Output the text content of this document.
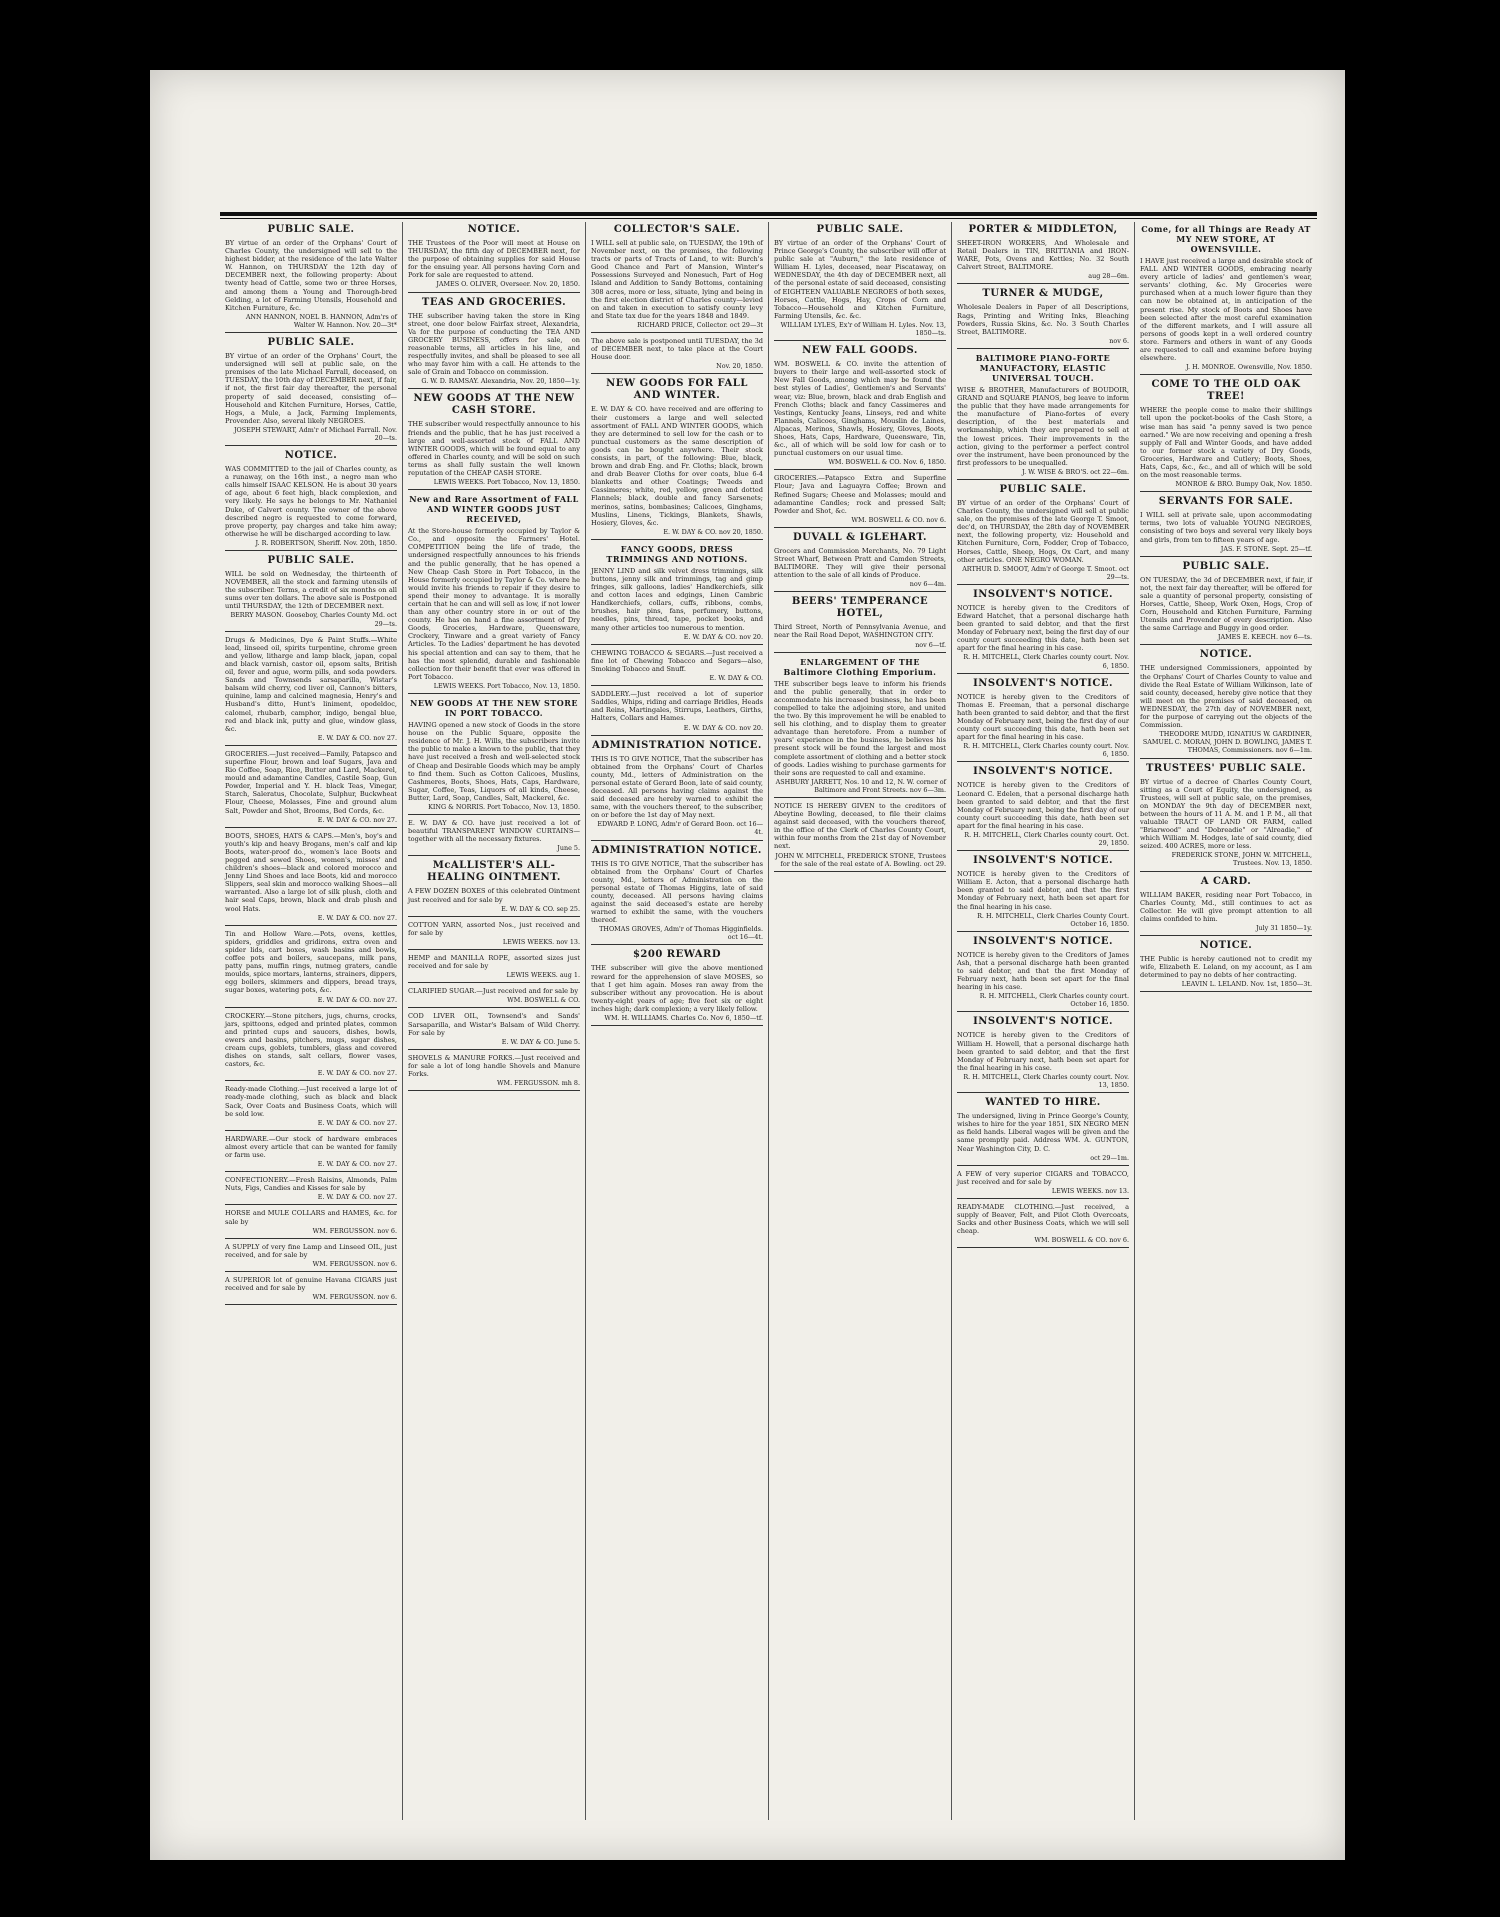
PUBLIC SALE.

BY virtue of an order of the Orphans' Court of Charles County, the undersigned will sell to the highest bidder, at the residence of the late Walter W. Hannon, on THURSDAY the 12th day of DECEMBER next, the following property: About twenty head of Cattle, some two or three Horses, and among them a Young and Thorough-bred Gelding, a lot of Farming Utensils, Household and Kitchen Furniture, &c.

ANN HANNON, NOEL B. HANNON, Adm'rs of Walter W. Hannon. Nov. 20—3t*
PUBLIC SALE.

BY virtue of an order of the Orphans' Court, the undersigned will sell at public sale, on the premises of the late Michael Farrall, deceased, on TUESDAY, the 10th day of DECEMBER next, if fair, if not, the first fair day thereafter, the personal property of said deceased, consisting of—Household and Kitchen Furniture, Horses, Cattle, Hogs, a Mule, a Jack, Farming Implements, Provender. Also, several likely NEGROES.

JOSEPH STEWART, Adm'r of Michael Farrall. Nov. 20—ts.
NOTICE.

WAS COMMITTED to the jail of Charles county, as a runaway, on the 16th inst., a negro man who calls himself ISAAC KELSON. He is about 30 years of age, about 6 feet high, black complexion, and very likely. He says he belongs to Mr. Nathaniel Duke, of Calvert county. The owner of the above described negro is requested to come forward, prove property, pay charges and take him away; otherwise he will be discharged according to law.

J. R. ROBERTSON, Sheriff. Nov. 20th, 1850.
PUBLIC SALE.

WILL be sold on Wednesday, the thirteenth of NOVEMBER, all the stock and farming utensils of the subscriber. Terms, a credit of six months on all sums over ten dollars. The above sale is Postponed until THURSDAY, the 12th of DECEMBER next.

BERRY MASON. Gooseboy, Charles County Md. oct 29—ts.

Drugs & Medicines, Dye & Paint Stuffs.—White lead, linseed oil, spirits turpentine, chrome green and yellow, litharge and lamp black, japan, copal and black varnish, castor oil, epsom salts, British oil, fever and ague, worm pills, and soda powders. Sands and Townsends sarsaparilla, Wistar's balsam wild cherry, cod liver oil, Cannon's bitters, quinine, lamp and calcined magnesia, Henry's and Husband's ditto, Hunt's liniment, opodeldoc, calomel, rhubarb, camphor, indigo, bengal blue, red and black ink, putty and glue, window glass, &c.

E. W. DAY & CO. nov 27.

GROCERIES.—Just received—Family, Patapsco and superfine Flour, brown and loaf Sugars, Java and Rio Coffee, Soap, Rice, Butter and Lard, Mackerel, mould and adamantine Candles, Castile Soap, Gun Powder, Imperial and Y. H. black Teas, Vinegar, Starch, Saleratus, Chocolate, Sulphur, Buckwheat Flour, Cheese, Molasses, Fine and ground alum Salt, Powder and Shot, Brooms, Bed Cords, &c.

E. W. DAY & CO. nov 27.

BOOTS, SHOES, HATS & CAPS.—Men's, boy's and youth's kip and heavy Brogans, men's calf and kip Boots, water-proof do., women's lace Boots and pegged and sewed Shoes, women's, misses' and children's shoes—black and colored morocco and Jenny Lind Shoes and lace Boots, kid and morocco Slippers, seal skin and morocco walking Shoes—all warranted. Also a large lot of silk plush, cloth and hair seal Caps, brown, black and drab plush and wool Hats.

E. W. DAY & CO. nov 27.

Tin and Hollow Ware.—Pots, ovens, kettles, spiders, griddles and gridirons, extra oven and spider lids, cart boxes, wash basins and bowls, coffee pots and boilers, saucepans, milk pans, patty pans, muffin rings, nutmeg graters, candle moulds, spice mortars, lanterns, strainers, dippers, egg boilers, skimmers and dippers, bread trays, sugar boxes, watering pots, &c.

E. W. DAY & CO. nov 27.

CROCKERY.—Stone pitchers, jugs, churns, crocks, jars, spittoons, edged and printed plates, common and printed cups and saucers, dishes, bowls, ewers and basins, pitchers, mugs, sugar dishes, cream cups, goblets, tumblers, glass and covered dishes on stands, salt cellars, flower vases, castors, &c.

E. W. DAY & CO. nov 27.

Ready-made Clothing.—Just received a large lot of ready-made clothing, such as black and black Sack, Over Coats and Business Coats, which will be sold low.

E. W. DAY & CO. nov 27.

HARDWARE.—Our stock of hardware embraces almost every article that can be wanted for family or farm use.

E. W. DAY & CO. nov 27.

CONFECTIONERY.—Fresh Raisins, Almonds, Palm Nuts, Figs, Candies and Kisses for sale by

E. W. DAY & CO. nov 27.

HORSE and MULE COLLARS and HAMES, &c. for sale by

WM. FERGUSSON. nov 6.

A SUPPLY of very fine Lamp and Linseed OIL, just received, and for sale by

WM. FERGUSSON. nov 6.

A SUPERIOR lot of genuine Havana CIGARS just received and for sale by

WM. FERGUSSON. nov 6.
NOTICE.

THE Trustees of the Poor will meet at House on THURSDAY, the fifth day of DECEMBER next, for the purpose of obtaining supplies for said House for the ensuing year. All persons having Corn and Pork for sale are requested to attend.

JAMES O. OLIVER, Overseer. Nov. 20, 1850.
TEAS AND GROCERIES.

THE subscriber having taken the store in King street, one door below Fairfax street, Alexandria, Va for the purpose of conducting the TEA AND GROCERY BUSINESS, offers for sale, on reasonable terms, all articles in his line, and respectfully invites, and shall be pleased to see all who may favor him with a call. He attends to the sale of Grain and Tobacco on commission.

G. W. D. RAMSAY. Alexandria, Nov. 20, 1850—1y.
NEW GOODS AT THE NEW CASH STORE.

THE subscriber would respectfully announce to his friends and the public, that he has just received a large and well-assorted stock of FALL AND WINTER GOODS, which will be found equal to any offered in Charles county, and will be sold on such terms as shall fully sustain the well known reputation of the CHEAP CASH STORE.

LEWIS WEEKS. Port Tobacco, Nov. 13, 1850.
New and Rare Assortment of FALL AND WINTER GOODS JUST RECEIVED,

At the Store-house formerly occupied by Taylor & Co., and opposite the Farmers' Hotel. COMPETITION being the life of trade, the undersigned respectfully announces to his friends and the public generally, that he has opened a New Cheap Cash Store in Port Tobacco, in the House formerly occupied by Taylor & Co. where he would invite his friends to repair if they desire to spend their money to advantage. It is morally certain that he can and will sell as low, if not lower than any other country store in or out of the county. He has on hand a fine assortment of Dry Goods, Groceries, Hardware, Queensware, Crockery, Tinware and a great variety of Fancy Articles. To the Ladies' department he has devoted his special attention and can say to them, that he has the most splendid, durable and fashionable collection for their benefit that ever was offered in Port Tobacco.

LEWIS WEEKS. Port Tobacco, Nov. 13, 1850.
NEW GOODS AT THE NEW STORE IN PORT TOBACCO.

HAVING opened a new stock of Goods in the store house on the Public Square, opposite the residence of Mr. J. H. Wills, the subscribers invite the public to make a known to the public, that they have just received a fresh and well-selected stock of Cheap and Desirable Goods which may be amply to find them. Such as Cotton Calicoes, Muslins, Cashmeres, Boots, Shoes, Hats, Caps, Hardware, Sugar, Coffee, Teas, Liquors of all kinds, Cheese, Butter, Lard, Soap, Candles, Salt, Mackerel, &c.

KING & NORRIS. Port Tobacco, Nov. 13, 1850.

E. W. DAY & CO. have just received a lot of beautiful TRANSPARENT WINDOW CURTAINS—together with all the necessary fixtures.

June 5.
McALLISTER'S ALL-HEALING OINTMENT.

A FEW DOZEN BOXES of this celebrated Ointment just received and for sale by

E. W. DAY & CO. sep 25.

COTTON YARN, assorted Nos., just received and for sale by

LEWIS WEEKS. nov 13.

HEMP and MANILLA ROPE, assorted sizes just received and for sale by

LEWIS WEEKS. aug 1.

CLARIFIED SUGAR.—Just received and for sale by

WM. BOSWELL & CO.

COD LIVER OIL, Townsend's and Sands' Sarsaparilla, and Wistar's Balsam of Wild Cherry. For sale by

E. W. DAY & CO. June 5.

SHOVELS & MANURE FORKS.—Just received and for sale a lot of long handle Shovels and Manure Forks.

WM. FERGUSSON. mh 8.
COLLECTOR'S SALE.

I WILL sell at public sale, on TUESDAY, the 19th of November next, on the premises, the following tracts or parts of Tracts of Land, to wit: Burch's Good Chance and Part of Mansion, Winter's Possessions Surveyed and Nonesuch, Part of Hog Island and Addition to Sandy Bottoms, containing 308 acres, more or less, situate, lying and being in the first election district of Charles county—levied on and taken in execution to satisfy county levy and State tax due for the years 1848 and 1849.

RICHARD PRICE, Collector. oct 29—3t

The above sale is postponed until TUESDAY, the 3d of DECEMBER next, to take place at the Court House door.

Nov. 20, 1850.
NEW GOODS FOR FALL AND WINTER.

E. W. DAY & CO. have received and are offering to their customers a large and well selected assortment of FALL AND WINTER GOODS, which they are determined to sell low for the cash or to punctual customers as the same description of goods can be bought anywhere. Their stock consists, in part, of the following: Blue, black, brown and drab Eng. and Fr. Cloths; black, brown and drab Beaver Cloths for over coats, blue 6-4 blanketts and other Coatings; Tweeds and Cassimeres; white, red, yellow, green and dotted Flannels; black, double and fancy Sarsenets; merinos, satins, bombasines; Calicoes, Ginghams, Muslins, Linens, Tickings, Blankets, Shawls, Hosiery, Gloves, &c.

E. W. DAY & CO. nov 20, 1850.
FANCY GOODS, DRESS TRIMMINGS AND NOTIONS.

JENNY LIND and silk velvet dress trimmings, silk buttons, jenny silk and trimmings, tag and gimp fringes, silk galloons, ladies' Handkerchiefs, silk and cotton laces and edgings, Linen Cambric Handkerchiefs, collars, cuffs, ribbons, combs, brushes, hair pins, fans, perfumery, buttons, needles, pins, thread, tape, pocket books, and many other articles too numerous to mention.

E. W. DAY & CO. nov 20.

CHEWING TOBACCO & SEGARS.—Just received a fine lot of Chewing Tobacco and Segars—also, Smoking Tobacco and Snuff.

E. W. DAY & CO.

SADDLERY.—Just received a lot of superior Saddles, Whips, riding and carriage Bridles, Heads and Reins, Martingales, Stirrups, Leathers, Girths, Halters, Collars and Hames.

E. W. DAY & CO. nov 20.
ADMINISTRATION NOTICE.

THIS IS TO GIVE NOTICE, That the subscriber has obtained from the Orphans' Court of Charles county, Md., letters of Administration on the personal estate of Gerard Boon, late of said county, deceased. All persons having claims against the said deceased are hereby warned to exhibit the same, with the vouchers thereof, to the subscriber, on or before the 1st day of May next.

EDWARD P. LONG, Adm'r of Gerard Boon. oct 16—4t.
ADMINISTRATION NOTICE.

THIS IS TO GIVE NOTICE, That the subscriber has obtained from the Orphans' Court of Charles county, Md., letters of Administration on the personal estate of Thomas Higgins, late of said county, deceased. All persons having claims against the said deceased's estate are hereby warned to exhibit the same, with the vouchers thereof.

THOMAS GROVES, Adm'r of Thomas Higginfields. oct 16—4t.
$200 REWARD

THE subscriber will give the above mentioned reward for the apprehension of slave MOSES, so that I get him again. Moses ran away from the subscriber without any provocation. He is about twenty-eight years of age; five feet six or eight inches high; dark complexion; a very likely fellow.

WM. H. WILLIAMS. Charles Co. Nov 6, 1850—tf.
PUBLIC SALE.

BY virtue of an order of the Orphans' Court of Prince George's County, the subscriber will offer at public sale at "Auburn," the late residence of William H. Lyles, deceased, near Piscataway, on WEDNESDAY, the 4th day of DECEMBER next, all of the personal estate of said deceased, consisting of EIGHTEEN VALUABLE NEGROES of both sexes, Horses, Cattle, Hogs, Hay, Crops of Corn and Tobacco—Household and Kitchen Furniture, Farming Utensils, &c. &c.

WILLIAM LYLES, Ex'r of William H. Lyles. Nov. 13, 1850—ts.
NEW FALL GOODS.

WM. BOSWELL & CO. invite the attention of buyers to their large and well-assorted stock of New Fall Goods, among which may be found the best styles of Ladies', Gentlemen's and Servants' wear, viz: Blue, brown, black and drab English and French Cloths; black and fancy Cassimeres and Vestings, Kentucky Jeans, Linseys, red and white Flannels, Calicoes, Ginghams, Mouslin de Laines, Alpacas, Merinos, Shawls, Hosiery, Gloves, Boots, Shoes, Hats, Caps, Hardware, Queensware, Tin, &c., all of which will be sold low for cash or to punctual customers on our usual time.

WM. BOSWELL & CO. Nov. 6, 1850.

GROCERIES.—Patapsco Extra and Superfine Flour; Java and Laguayra Coffee; Brown and Refined Sugars; Cheese and Molasses; mould and adamantine Candles; rock and pressed Salt; Powder and Shot, &c.

WM. BOSWELL & CO. nov 6.
DUVALL & IGLEHART.

Grocers and Commission Merchants, No. 79 Light Street Wharf, Between Pratt and Camden Streets, BALTIMORE. They will give their personal attention to the sale of all kinds of Produce.

nov 6—4m.
BEERS' TEMPERANCE HOTEL,

Third Street, North of Pennsylvania Avenue, and near the Rail Road Depot, WASHINGTON CITY.

nov 6—tf.
ENLARGEMENT OF THE Baltimore Clothing Emporium.

THE subscriber begs leave to inform his friends and the public generally, that in order to accommodate his increased business, he has been compelled to take the adjoining store, and united the two. By this improvement he will be enabled to sell his clothing, and to display them to greater advantage than heretofore. From a number of years' experience in the business, he believes his present stock will be found the largest and most complete assortment of clothing and a better stock of goods. Ladies wishing to purchase garments for their sons are requested to call and examine.

ASHBURY JARRETT, Nos. 10 and 12, N. W. corner of Baltimore and Front Streets. nov 6—3m.

NOTICE IS HEREBY GIVEN to the creditors of Abeytine Bowling, deceased, to file their claims against said deceased, with the vouchers thereof, in the office of the Clerk of Charles County Court, within four months from the 21st day of November next.

JOHN W. MITCHELL, FREDERICK STONE, Trustees for the sale of the real estate of A. Bowling. oct 29.
PORTER & MIDDLETON,

SHEET-IRON WORKERS, And Wholesale and Retail Dealers in TIN, BRITTANIA and IRON-WARE, Pots, Ovens and Kettles; No. 32 South Calvert Street, BALTIMORE.

aug 28—6m.
TURNER & MUDGE,

Wholesale Dealers in Paper of all Descriptions, Rags, Printing and Writing Inks, Bleaching Powders, Russia Skins, &c. No. 3 South Charles Street, BALTIMORE.

nov 6.
BALTIMORE PIANO-FORTE MANUFACTORY, ELASTIC UNIVERSAL TOUCH.

WISE & BROTHER, Manufacturers of BOUDOIR, GRAND and SQUARE PIANOS, beg leave to inform the public that they have made arrangements for the manufacture of Piano-fortes of every description, of the best materials and workmanship, which they are prepared to sell at the lowest prices. Their improvements in the action, giving to the performer a perfect control over the instrument, have been pronounced by the first professors to be unequalled.

J. W. WISE & BRO'S. oct 22—6m.
PUBLIC SALE.

BY virtue of an order of the Orphans' Court of Charles County, the undersigned will sell at public sale, on the premises of the late George T. Smoot, dec'd, on THURSDAY, the 28th day of NOVEMBER next, the following property, viz: Household and Kitchen Furniture, Corn, Fodder, Crop of Tobacco, Horses, Cattle, Sheep, Hogs, Ox Cart, and many other articles. ONE NEGRO WOMAN.

ARTHUR D. SMOOT, Adm'r of George T. Smoot. oct 29—ts.
INSOLVENT'S NOTICE.

NOTICE is hereby given to the Creditors of Edward Hatchet, that a personal discharge hath been granted to said debtor, and that the first Monday of February next, being the first day of our county court succeeding this date, hath been set apart for the final hearing in his case.

R. H. MITCHELL, Clerk Charles county court. Nov. 6, 1850.
INSOLVENT'S NOTICE.

NOTICE is hereby given to the Creditors of Thomas E. Freeman, that a personal discharge hath been granted to said debtor, and that the first Monday of February next, being the first day of our county court succeeding this date, hath been set apart for the final hearing in his case.

R. H. MITCHELL, Clerk Charles county court. Nov. 6, 1850.
INSOLVENT'S NOTICE.

NOTICE is hereby given to the Creditors of Leonard C. Edelen, that a personal discharge hath been granted to said debtor, and that the first Monday of February next, being the first day of our county court succeeding this date, hath been set apart for the final hearing in his case.

R. H. MITCHELL, Clerk Charles county court. Oct. 29, 1850.
INSOLVENT'S NOTICE.

NOTICE is hereby given to the Creditors of William E. Acton, that a personal discharge hath been granted to said debtor, and that the first Monday of February next, hath been set apart for the final hearing in his case.

R. H. MITCHELL, Clerk Charles County Court. October 16, 1850.
INSOLVENT'S NOTICE.

NOTICE is hereby given to the Creditors of James Ash, that a personal discharge hath been granted to said debtor, and that the first Monday of February next, hath been set apart for the final hearing in his case.

R. H. MITCHELL, Clerk Charles county court. October 16, 1850.
INSOLVENT'S NOTICE.

NOTICE is hereby given to the Creditors of William H. Howell, that a personal discharge hath been granted to said debtor, and that the first Monday of February next, hath been set apart for the final hearing in his case.

R. H. MITCHELL, Clerk Charles county court. Nov. 13, 1850.
WANTED TO HIRE.

The undersigned, living in Prince George's County, wishes to hire for the year 1851, SIX NEGRO MEN as field hands. Liberal wages will be given and the same promptly paid. Address WM. A. GUNTON, Near Washington City, D. C.

oct 29—1m.

A FEW of very superior CIGARS and TOBACCO, just received and for sale by

LEWIS WEEKS. nov 13.

READY-MADE CLOTHING.—Just received, a supply of Beaver, Felt, and Pilot Cloth Overcoats, Sacks and other Business Coats, which we will sell cheap.

WM. BOSWELL & CO. nov 6.
Come, for all Things are Ready AT MY NEW STORE, AT OWENSVILLE.

I HAVE just received a large and desirable stock of FALL AND WINTER GOODS, embracing nearly every article of ladies' and gentlemen's wear, servants' clothing, &c. My Groceries were purchased when at a much lower figure than they can now be obtained at, in anticipation of the present rise. My stock of Boots and Shoes have been selected after the most careful examination of the different markets, and I will assure all persons of goods kept in a well ordered country store. Farmers and others in want of any Goods are requested to call and examine before buying elsewhere.

J. H. MONROE. Owensville, Nov. 1850.
COME TO THE OLD OAK TREE!

WHERE the people come to make their shillings tell upon the pocket-books of the Cash Store, a wise man has said "a penny saved is two pence earned." We are now receiving and opening a fresh supply of Fall and Winter Goods, and have added to our former stock a variety of Dry Goods, Groceries, Hardware and Cutlery; Boots, Shoes, Hats, Caps, &c., &c., and all of which will be sold on the most reasonable terms.

MONROE & BRO. Bumpy Oak, Nov. 1850.
SERVANTS FOR SALE.

I WILL sell at private sale, upon accommodating terms, two lots of valuable YOUNG NEGROES, consisting of two boys and several very likely boys and girls, from ten to fifteen years of age.

JAS. F. STONE. Sept. 25—tf.
PUBLIC SALE.

ON TUESDAY, the 3d of DECEMBER next, if fair, if not, the next fair day thereafter, will be offered for sale a quantity of personal property, consisting of Horses, Cattle, Sheep, Work Oxen, Hogs, Crop of Corn, Household and Kitchen Furniture, Farming Utensils and Provender of every description. Also the same Carriage and Buggy in good order.

JAMES E. KEECH. nov 6—ts.
NOTICE.

THE undersigned Commissioners, appointed by the Orphans' Court of Charles County to value and divide the Real Estate of William Wilkinson, late of said county, deceased, hereby give notice that they will meet on the premises of said deceased, on WEDNESDAY, the 27th day of NOVEMBER next, for the purpose of carrying out the objects of the Commission.

THEODORE MUDD, IGNATIUS W. GARDINER, SAMUEL C. MORAN, JOHN D. BOWLING, JAMES T. THOMAS, Commissioners. nov 6—1m.
TRUSTEES' PUBLIC SALE.

BY virtue of a decree of Charles County Court, sitting as a Court of Equity, the undersigned, as Trustees, will sell at public sale, on the premises, on MONDAY the 9th day of DECEMBER next, between the hours of 11 A. M. and 1 P. M., all that valuable TRACT OF LAND OR FARM, called "Briarwood" and "Dobreadie" or "Alreadie," of which William M. Hodges, late of said county, died seized. 400 ACRES, more or less.

FREDERICK STONE, JOHN W. MITCHELL, Trustees. Nov. 13, 1850.
A CARD.

WILLIAM BAKER, residing near Port Tobacco, in Charles County, Md., still continues to act as Collector. He will give prompt attention to all claims confided to him.

July 31 1850—1y.
NOTICE.

THE Public is hereby cautioned not to credit my wife, Elizabeth E. Leland, on my account, as I am determined to pay no debts of her contracting.

LEAVIN L. LELAND. Nov. 1st, 1850—3t.
